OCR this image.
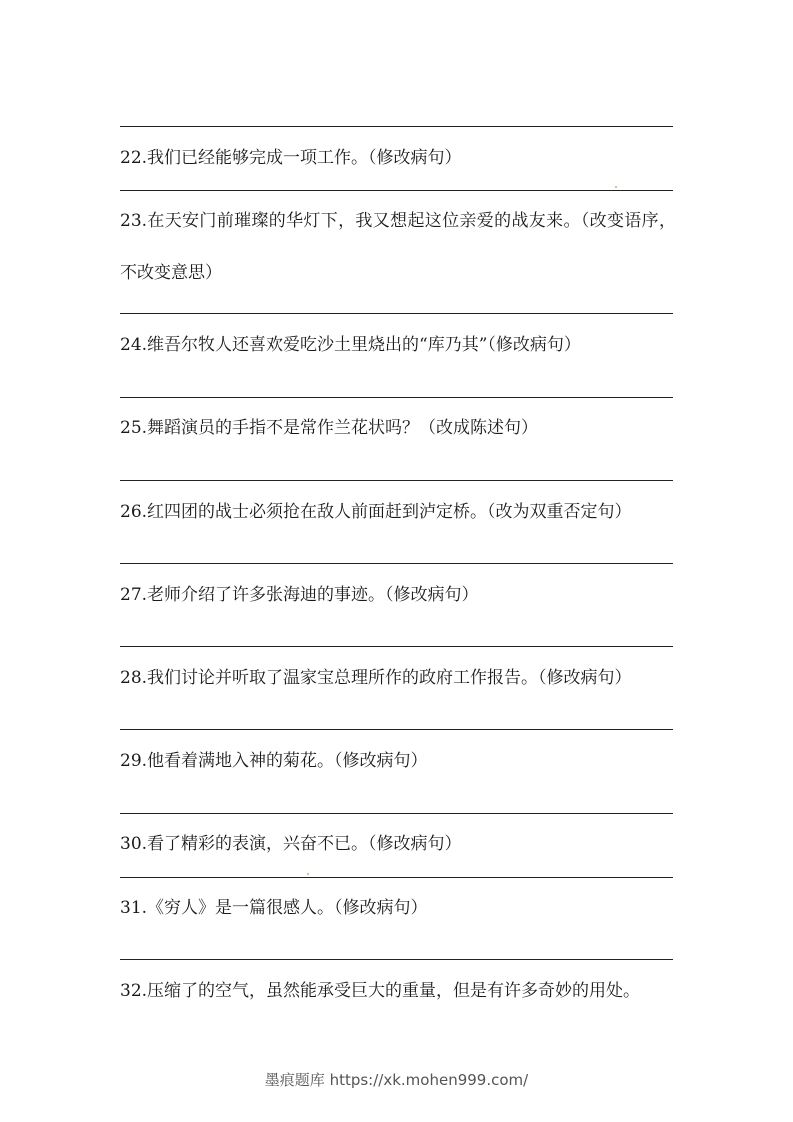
22.我们已经能够完成一项工作。（修改病句）
23.在天安门前璀璨的华灯下，我又想起这位亲爱的战友来。（改变语序，不改变意思）
24.维吾尔牧人还喜欢爱吃沙土里烧出的“库乃其”（修改病句）
25.舞蹈演员的手指不是常作兰花状吗？（改成陈述句）
26.红四团的战士必须抢在敌人前面赶到泸定桥。（改为双重否定句）
27.老师介绍了许多张海迪的事迹。（修改病句）
28.我们讨论并听取了温家宝总理所作的政府工作报告。（修改病句）
29.他看着满地入神的菊花。（修改病句）
30.看了精彩的表演，兴奋不已。（修改病句）
31.《穷人》是一篇很感人。（修改病句）
32.压缩了的空气，虽然能承受巨大的重量，但是有许多奇妙的用处。
墨痕题库 https://xk.mohen999.com/
